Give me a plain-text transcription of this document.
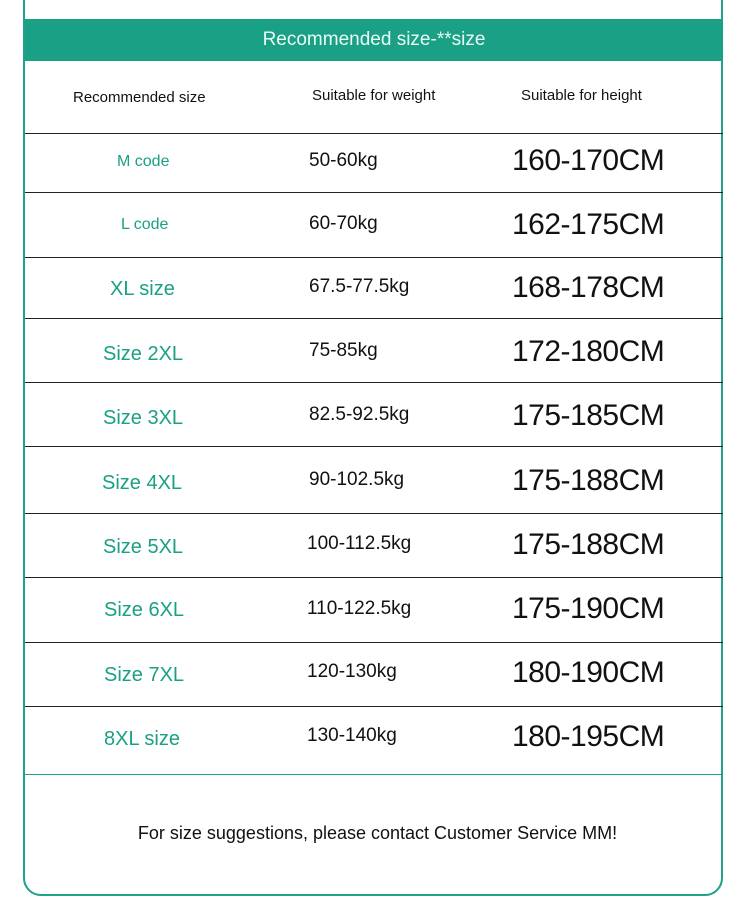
Recommended size-**size
Recommended size	Suitable for weight	Suitable for height
M code	50-60kg	160-170CM
L code	60-70kg	162-175CM
XL size	67.5-77.5kg	168-178CM
Size 2XL	75-85kg	172-180CM
Size 3XL	82.5-92.5kg	175-185CM
Size 4XL	90-102.5kg	175-188CM
Size 5XL	100-112.5kg	175-188CM
Size 6XL	110-122.5kg	175-190CM
Size 7XL	120-130kg	180-190CM
8XL size	130-140kg	180-195CM
For size suggestions, please contact Customer Service MM!
